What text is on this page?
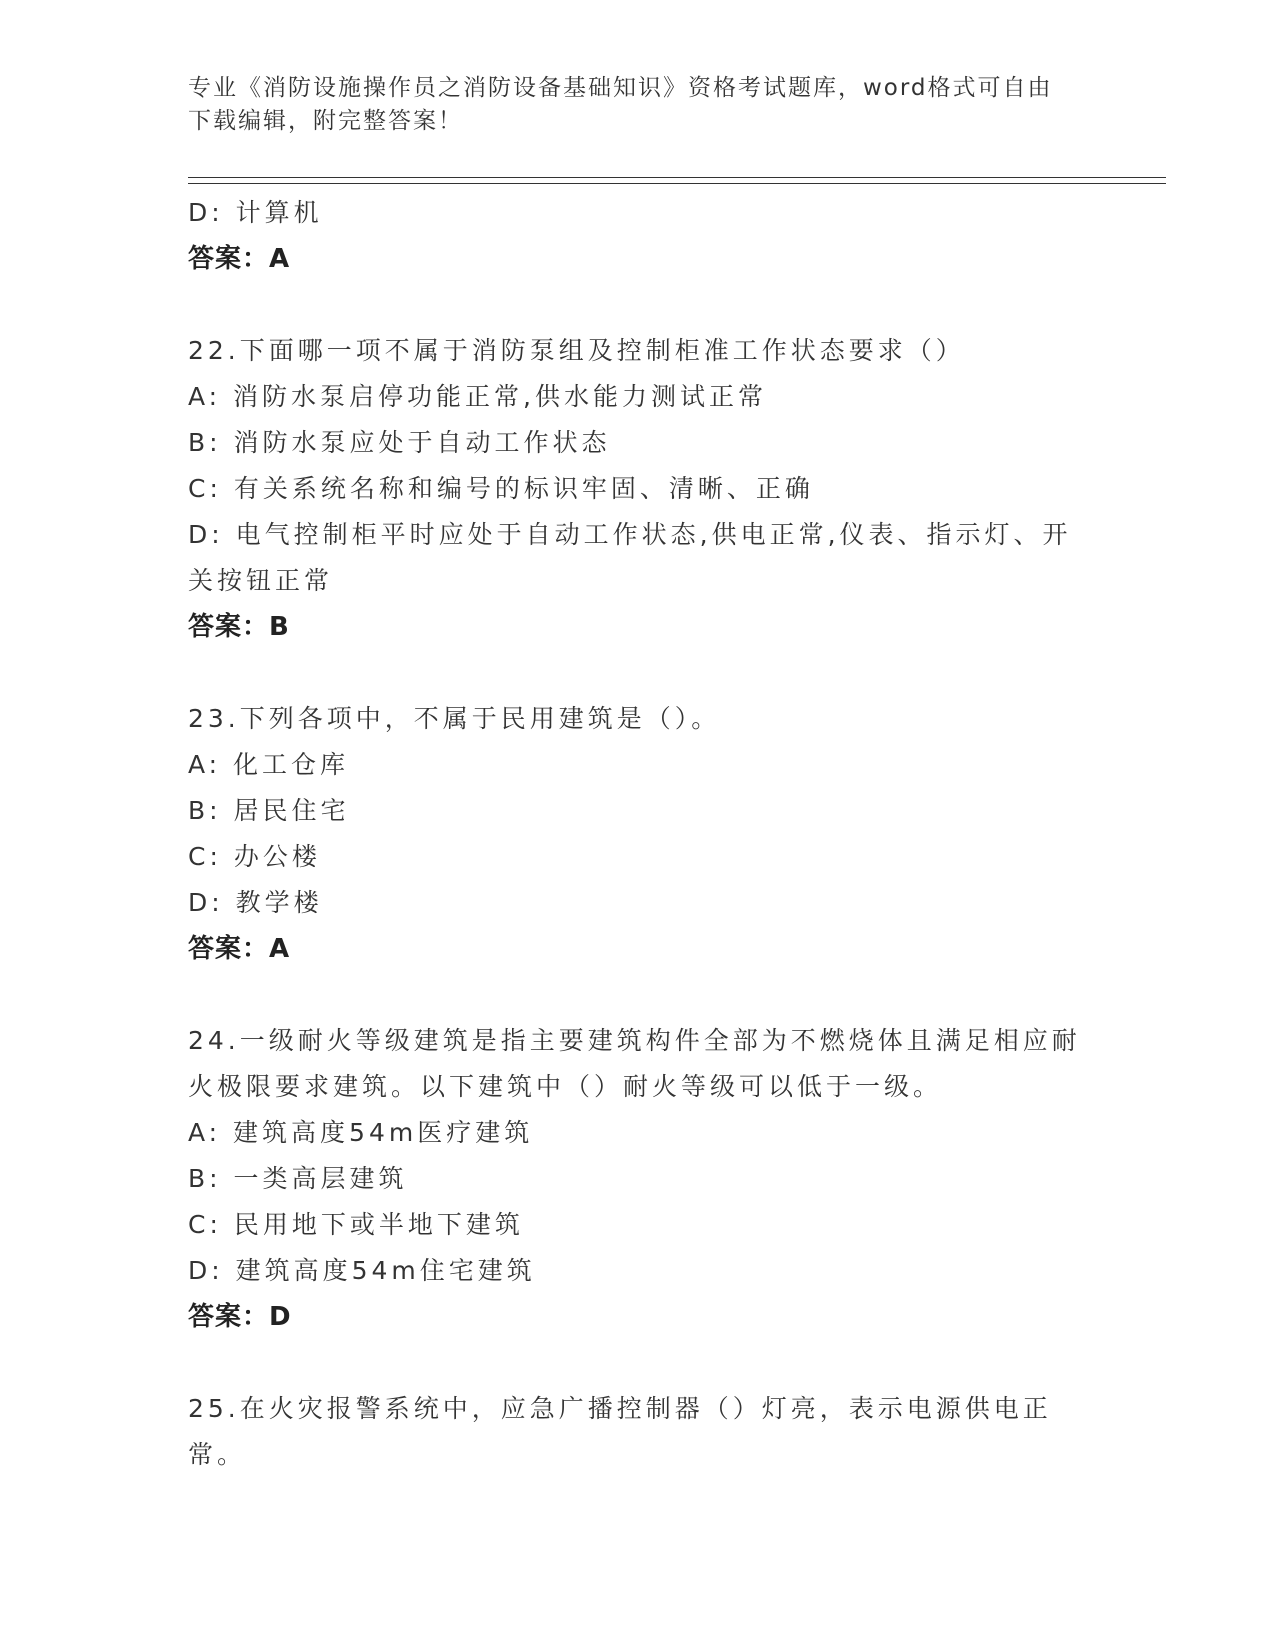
专业《消防设施操作员之消防设备基础知识》资格考试题库，word格式可自由下载编辑，附完整答案！
D: 计算机
答案：A
22.下面哪一项不属于消防泵组及控制柜准工作状态要求（）
A: 消防水泵启停功能正常,供水能力测试正常
B: 消防水泵应处于自动工作状态
C: 有关系统名称和编号的标识牢固、清晰、正确
D: 电气控制柜平时应处于自动工作状态,供电正常,仪表、指示灯、开关按钮正常
答案：B
23.下列各项中，不属于民用建筑是（）。
A: 化工仓库
B: 居民住宅
C: 办公楼
D: 教学楼
答案：A
24.一级耐火等级建筑是指主要建筑构件全部为不燃烧体且满足相应耐火极限要求建筑。以下建筑中（）耐火等级可以低于一级。
A: 建筑高度54m医疗建筑
B: 一类高层建筑
C: 民用地下或半地下建筑
D: 建筑高度54m住宅建筑
答案：D
25.在火灾报警系统中，应急广播控制器（）灯亮，表示电源供电正常。
